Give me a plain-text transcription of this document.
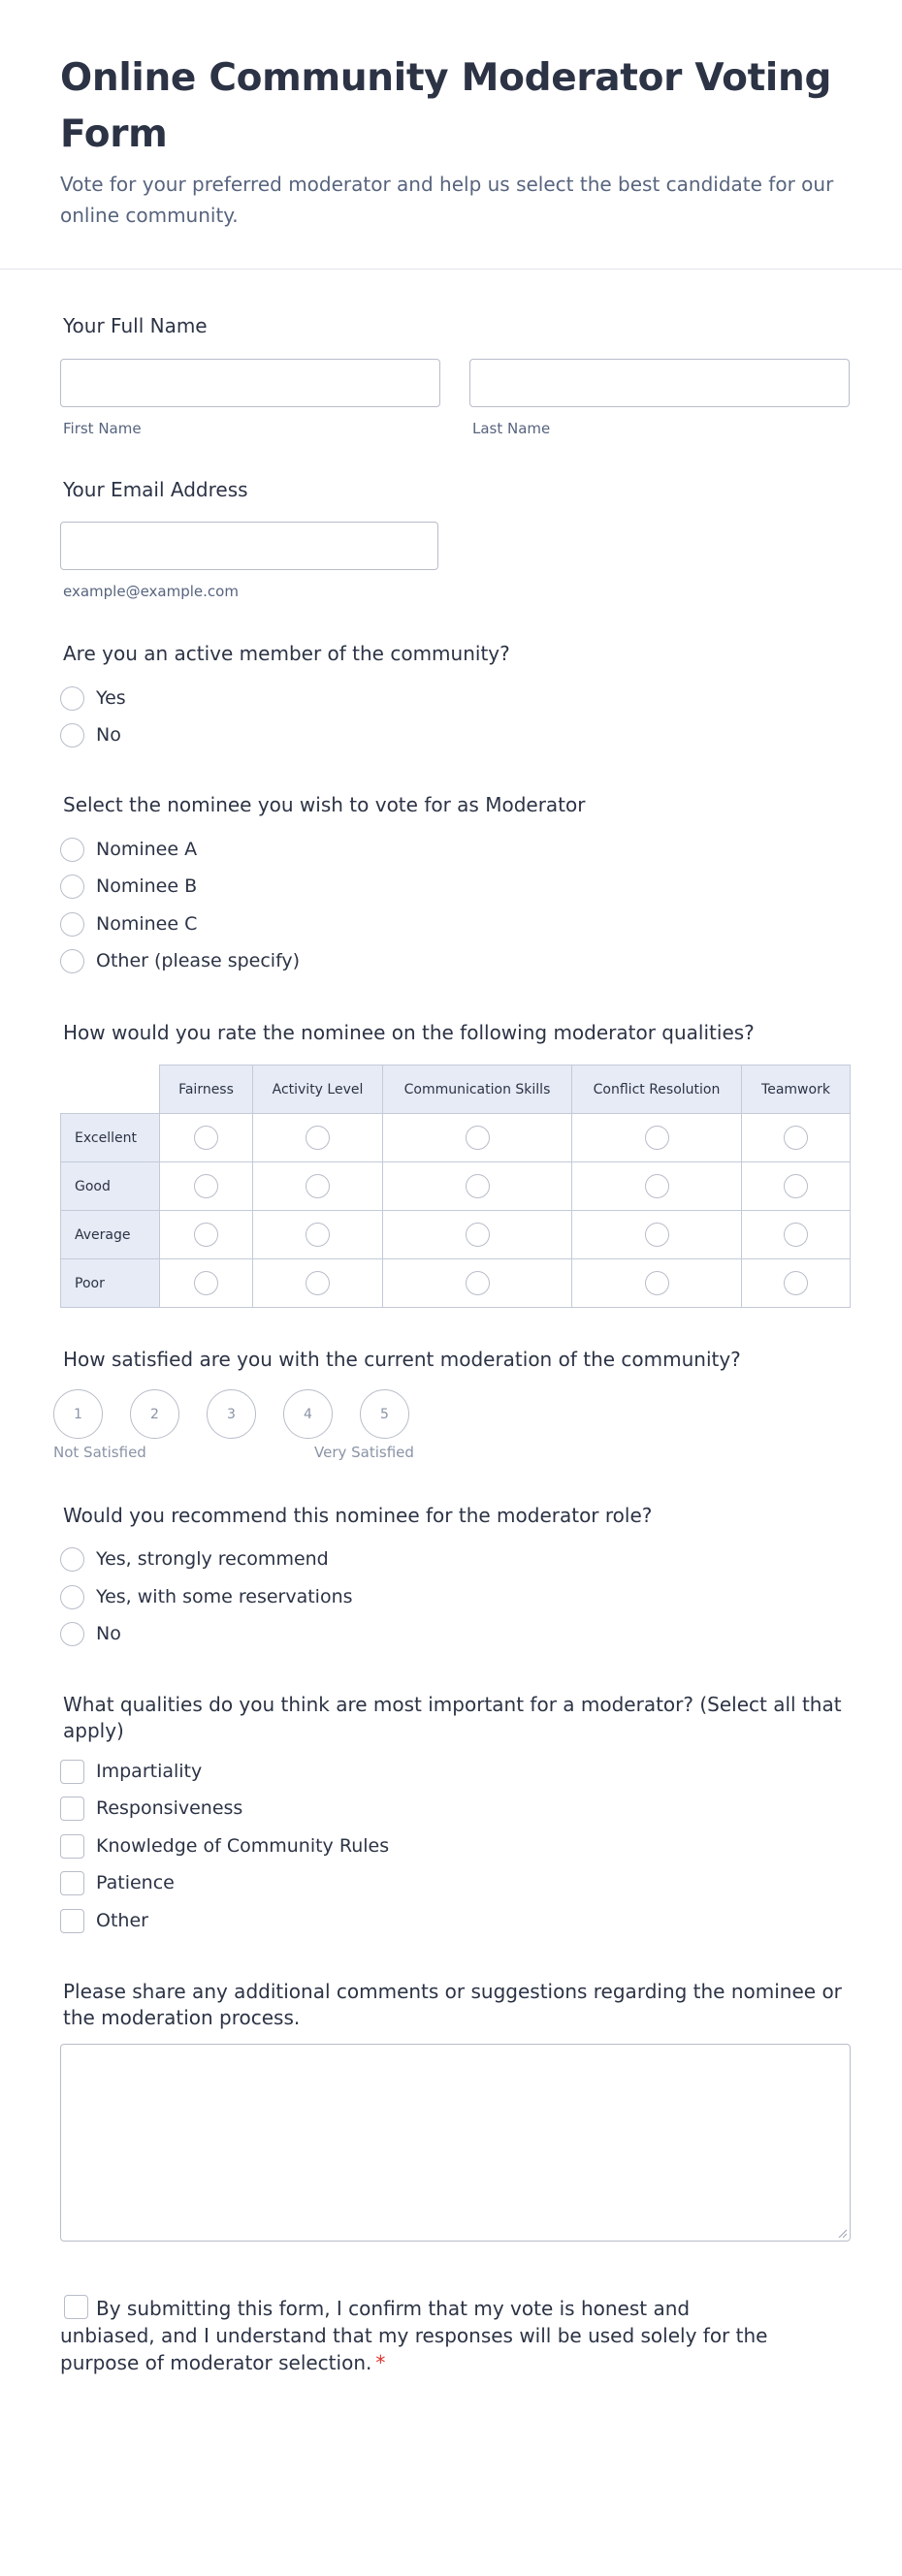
Online Community Moderator Voting Form

Vote for your preferred moderator and help us select the best candidate for our online community.

Your Full Name
First Name	Last Name
Your Email Address
example@example.com
Are you an active member of the community?
Yes
No
Select the nominee you wish to vote for as Moderator
Nominee A
Nominee B
Nominee C
Other (please specify)
How would you rate the nominee on the following moderator qualities?
	Fairness	Activity Level	Communication Skills	Conflict Resolution	Teamwork
Excellent					
Good					
Average					
Poor					
How satisfied are you with the current moderation of the community?
1	2	3	4	5
Not Satisfied	Very Satisfied
Would you recommend this nominee for the moderator role?
Yes, strongly recommend
Yes, with some reservations
No
What qualities do you think are most important for a moderator? (Select all that apply)
Impartiality
Responsiveness
Knowledge of Community Rules
Patience
Other
Please share any additional comments or suggestions regarding the nominee or the moderation process.
By submitting this form, I confirm that my vote is honest and unbiased, and I understand that my responses will be used solely for the purpose of moderator selection. *
